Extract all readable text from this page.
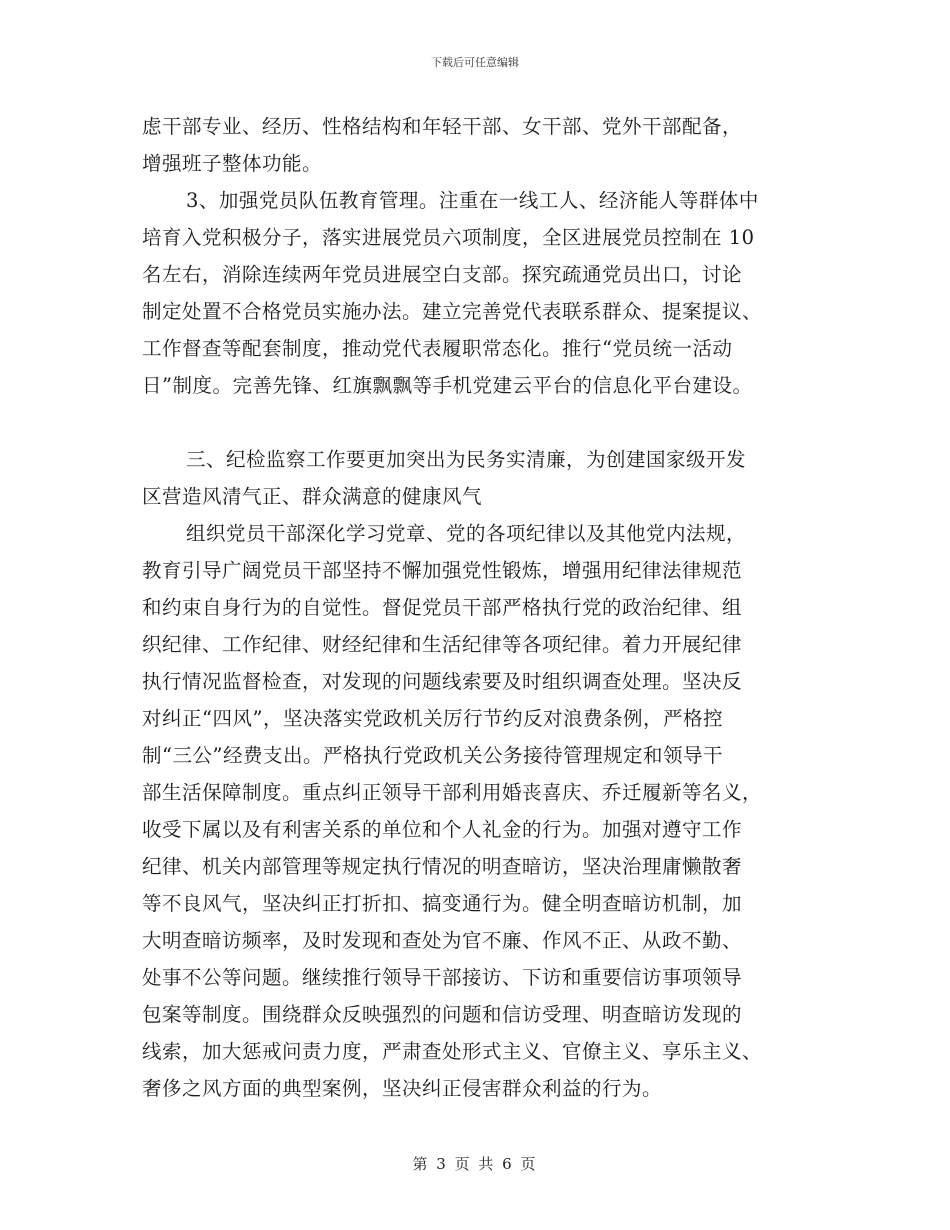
下载后可任意编辑
虑干部专业、经历、性格结构和年轻干部、女干部、党外干部配备，
增强班子整体功能。
3、加强党员队伍教育管理。注重在一线工人、经济能人等群体中
培育入党积极分子，落实进展党员六项制度，全区进展党员控制在 10
名左右，消除连续两年党员进展空白支部。探究疏通党员出口，讨论
制定处置不合格党员实施办法。建立完善党代表联系群众、提案提议、
工作督查等配套制度，推动党代表履职常态化。推行“党员统一活动
日”制度。完善先锋、红旗飘飘等手机党建云平台的信息化平台建设。
三、纪检监察工作要更加突出为民务实清廉，为创建国家级开发
区营造风清气正、群众满意的健康风气
组织党员干部深化学习党章、党的各项纪律以及其他党内法规，
教育引导广阔党员干部坚持不懈加强党性锻炼，增强用纪律法律规范
和约束自身行为的自觉性。督促党员干部严格执行党的政治纪律、组
织纪律、工作纪律、财经纪律和生活纪律等各项纪律。着力开展纪律
执行情况监督检查，对发现的问题线索要及时组织调查处理。坚决反
对纠正“四风”，坚决落实党政机关厉行节约反对浪费条例，严格控
制“三公”经费支出。严格执行党政机关公务接待管理规定和领导干
部生活保障制度。重点纠正领导干部利用婚丧喜庆、乔迁履新等名义，
收受下属以及有利害关系的单位和个人礼金的行为。加强对遵守工作
纪律、机关内部管理等规定执行情况的明查暗访，坚决治理庸懒散奢
等不良风气，坚决纠正打折扣、搞变通行为。健全明查暗访机制，加
大明查暗访频率，及时发现和查处为官不廉、作风不正、从政不勤、
处事不公等问题。继续推行领导干部接访、下访和重要信访事项领导
包案等制度。围绕群众反映强烈的问题和信访受理、明查暗访发现的
线索，加大惩戒问责力度，严肃查处形式主义、官僚主义、享乐主义、
奢侈之风方面的典型案例，坚决纠正侵害群众利益的行为。
第 3 页 共 6 页
